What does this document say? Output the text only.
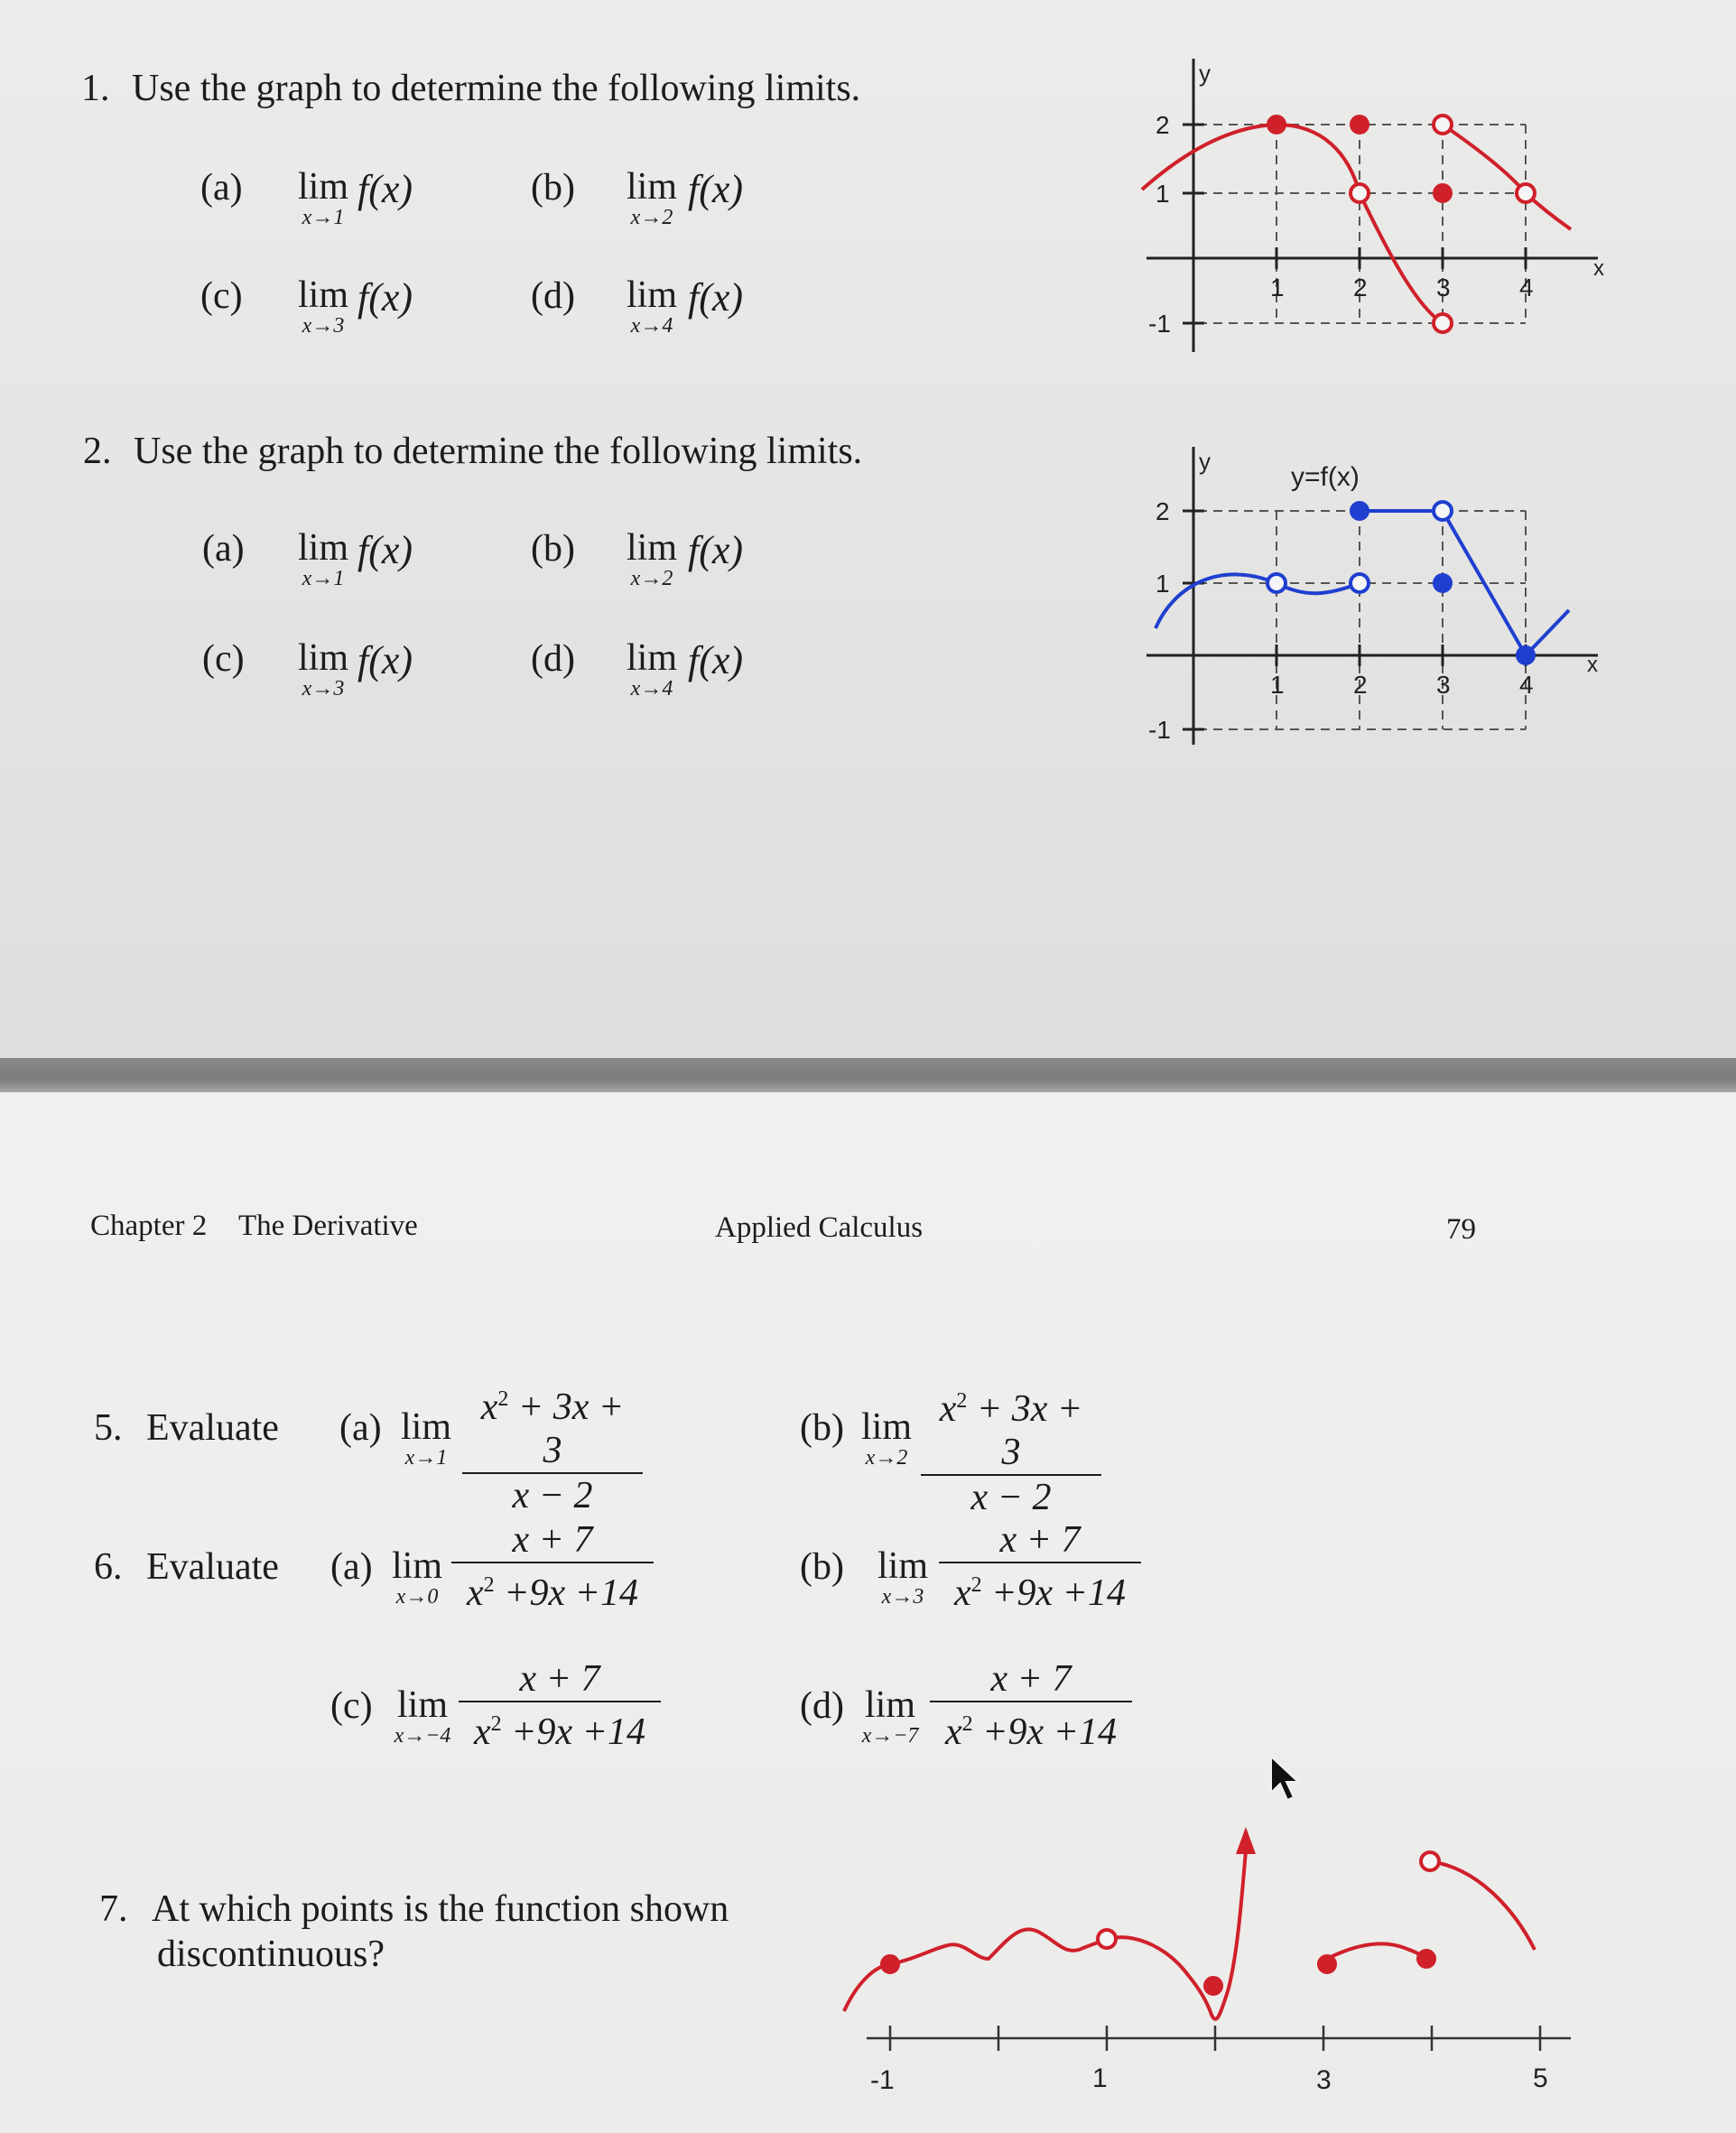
1. Use the graph to determine the following limits.
(a) lim
x→1
f(x)	(b) lim
x→2
f(x)
(c) lim
x→3
f(x)	(d) lim
x→4
f(x)
y
x
2
1
-1
1	2	3	4
2. Use the graph to determine the following limits.
(a) lim
x→1
f(x)	(b) lim
x→2
f(x)
(c) lim
x→3
f(x)	(d) lim
x→4
f(x)
y
y=f(x)
x
2
1
-1
1	2	3	4
Chapter 2 The Derivative	Applied Calculus	79
5. Evaluate (a) lim
$x\to 1 \frac{x^2 + 3x + 3}{x - 2}$	(b) lim
$x\to 2 \frac{x^2 + 3x + 3}{x - 2}$
6. Evaluate (a) lim
$x\to 0 \frac{x + 7}{x^2 +9x +14}$	(b) lim
$x\to 3 \frac{x + 7}{x^2 +9x +14}$
(c) lim
$x\to-4 \frac{x + 7}{x^2 +9x +14}$	(d) lim
$x\to-7 \frac{x + 7}{x^2 +9x +14}$
7. At which points is the function shown
discontinuous?
-1	1	3	5
